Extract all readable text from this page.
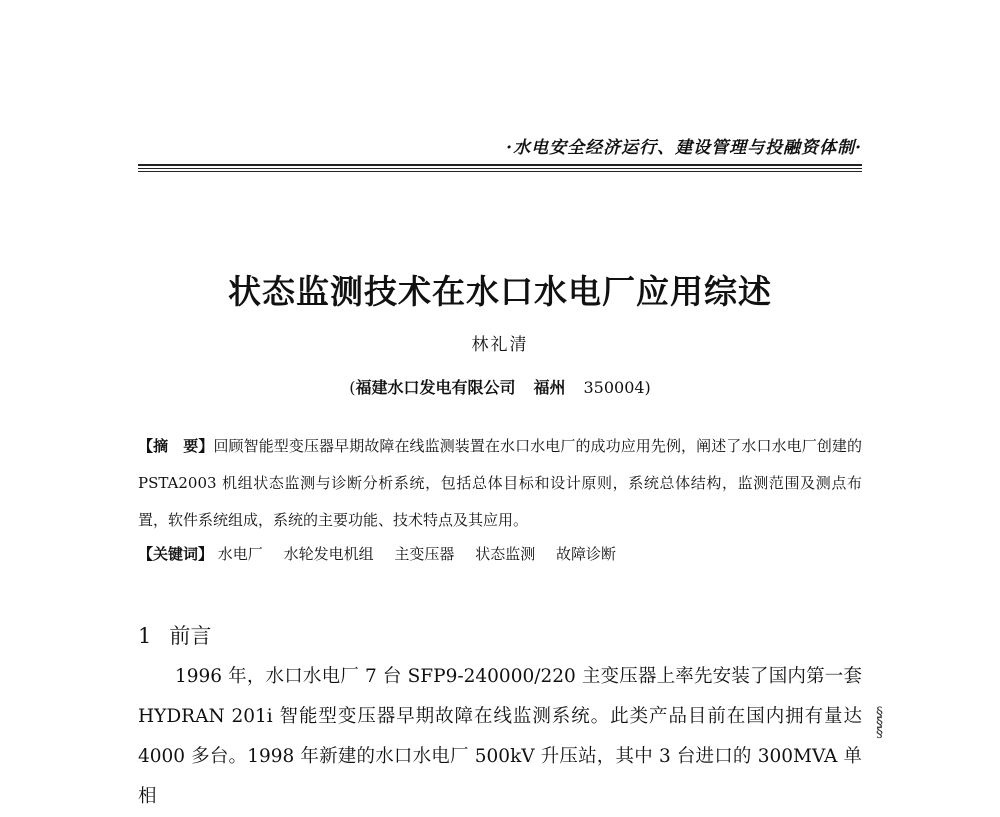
·水电安全经济运行、建设管理与投融资体制·
状态监测技术在水口水电厂应用综述
林礼清
(福建水口发电有限公司 福州 350004)
【摘　要】回顾智能型变压器早期故障在线监测装置在水口水电厂的成功应用先例，阐述了水口水电厂创建的 PSTA2003 机组状态监测与诊断分析系统，包括总体目标和设计原则，系统总体结构，监测范围及测点布置，软件系统组成，系统的主要功能、技术特点及其应用。
【关键词】 水电厂 水轮发电机组 主变压器 状态监测 故障诊断
1 前言
1996 年，水口水电厂 7 台 SFP9-240000/220 主变压器上率先安装了国内第一套 HYDRAN 201i 智能型变压器早期故障在线监测系统。此类产品目前在国内拥有量达 4000 多台。1998 年新建的水口水电厂 500kV 升压站，其中 3 台进口的 300MVA 单相
§
§
§
